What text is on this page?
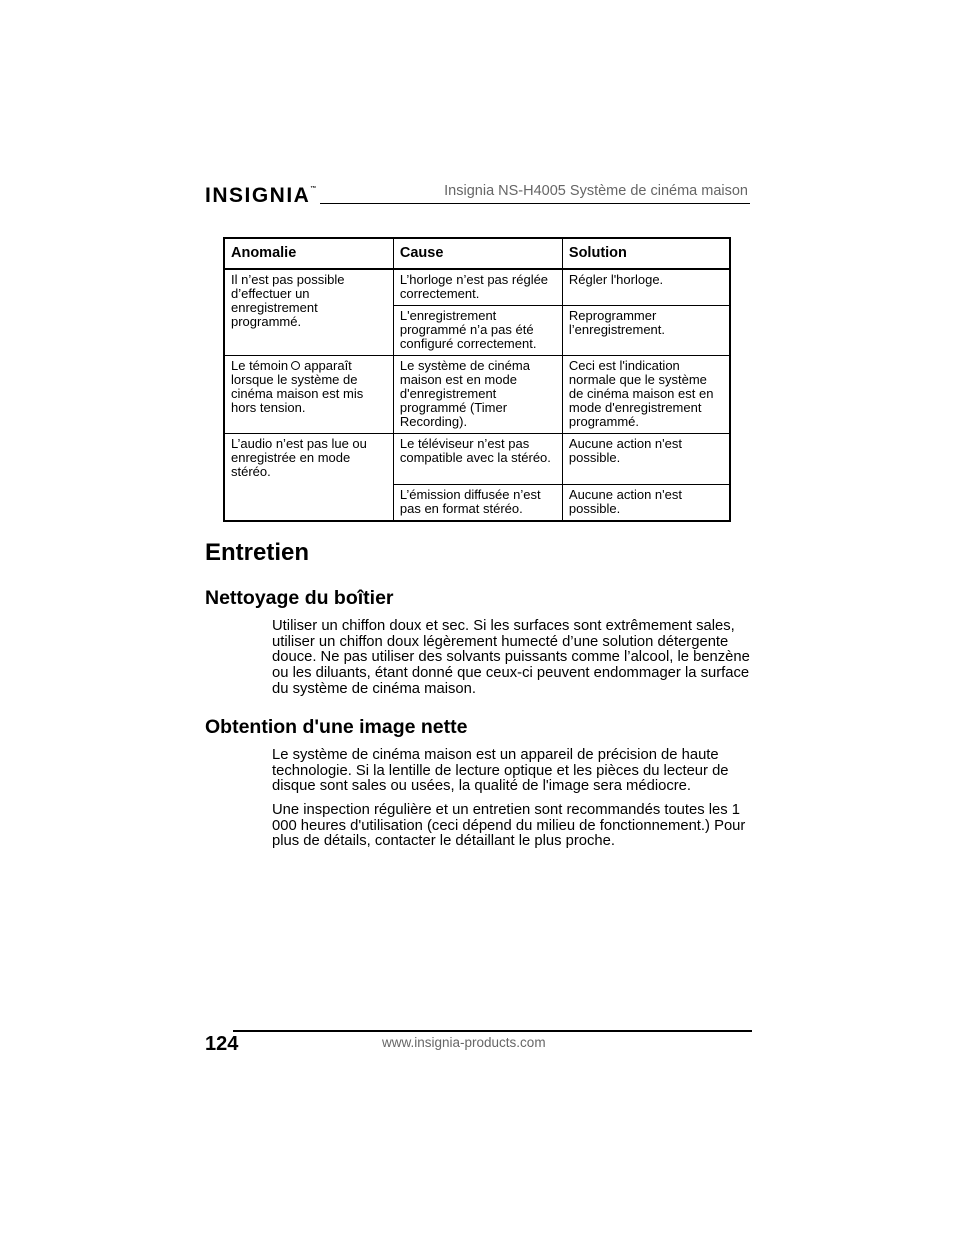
INSIGNIA™	Insignia NS-H4005 Système de cinéma maison
Anomalie	Cause	Solution
Il n’est pas possible d’effectuer un enregistrement programmé.	L’horloge n’est pas réglée correctement.	Régler l'horloge.
	L'enregistrement programmé n’a pas été configuré correctement.	Reprogrammer l’enregistrement.
Le témoin apparaît lorsque le système de cinéma maison est mis hors tension.	Le système de cinéma maison est en mode d'enregistrement programmé (Timer Recording).	Ceci est l'indication normale que le système de cinéma maison est en mode d'enregistrement programmé.
L’audio n’est pas lue ou enregistrée en mode stéréo.	Le téléviseur n’est pas compatible avec la stéréo.	Aucune action n'est possible.
	L’émission diffusée n’est pas en format stéréo.	Aucune action n'est possible.
Entretien
Nettoyage du boîtier

Utiliser un chiffon doux et sec. Si les surfaces sont extrêmement sales, utiliser un chiffon doux légèrement humecté d’une solution détergente douce. Ne pas utiliser des solvants puissants comme l’alcool, le benzène ou les diluants, étant donné que ceux-ci peuvent endommager la surface du système de cinéma maison.

Obtention d'une image nette

Le système de cinéma maison est un appareil de précision de haute technologie. Si la lentille de lecture optique et les pièces du lecteur de disque sont sales ou usées, la qualité de l'image sera médiocre.

Une inspection régulière et un entretien sont recommandés toutes les 1 000 heures d'utilisation (ceci dépend du milieu de fonctionnement.) Pour plus de détails, contacter le détaillant le plus proche.

124	www.insignia-products.com
